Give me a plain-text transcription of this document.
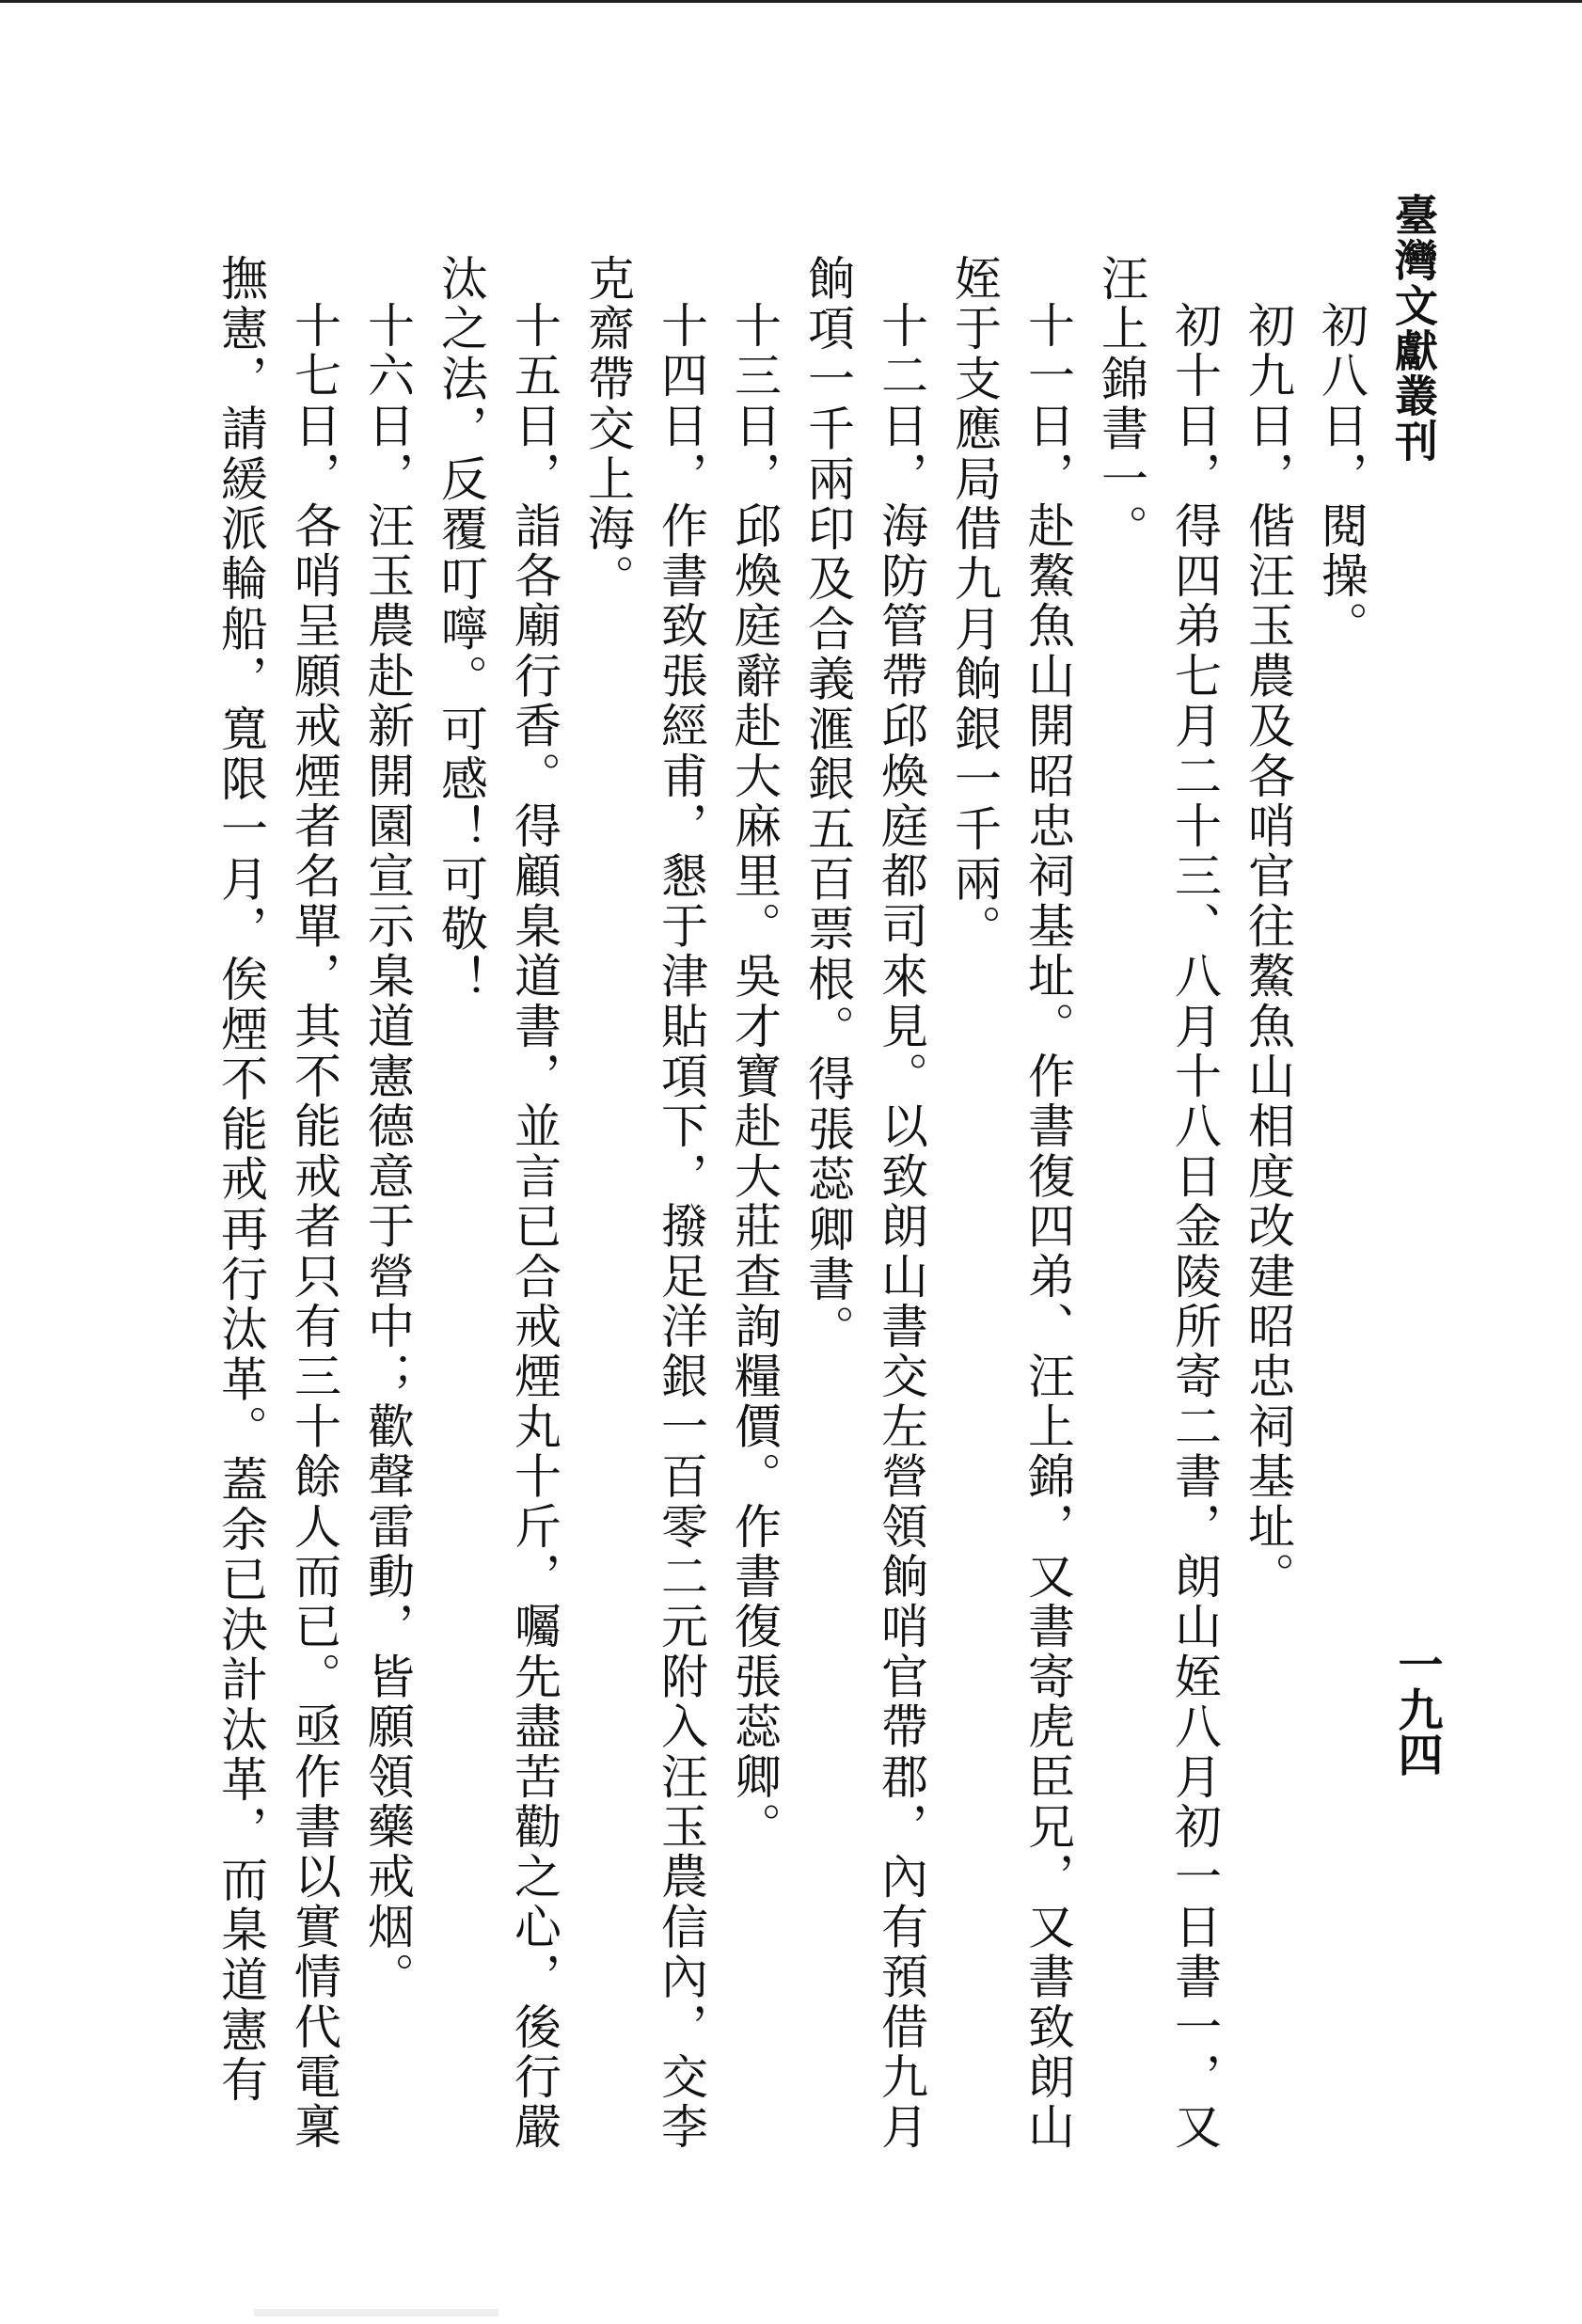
臺灣文獻叢刊
一九四

初八日，閱操。

初九日，偕汪玉農及各哨官往鰲魚山相度改建昭忠祠基址。

初十日，得四弟七月二十三、八月十八日金陵所寄二書，朗山姪八月初一日書一，又汪上錦書一。

十一日，赴鰲魚山開昭忠祠基址。作書復四弟、汪上錦，又書寄虎臣兄，又書致朗山姪于支應局借九月餉銀一千兩。

十二日，海防管帶邱煥庭都司來見。以致朗山書交左營領餉哨官帶郡，內有預借九月餉項一千兩印及合義滙銀五百票根。得張蕊卿書。

十三日，邱煥庭辭赴大麻里。吳才寶赴大莊查詢糧價。作書復張蕊卿。

十四日，作書致張經甫，懇于津貼項下，撥足洋銀一百零二元附入汪玉農信內，交李克齋帶交上海。

十五日，詣各廟行香。得顧臬道書，並言已合戒煙丸十斤，囑先盡苦勸之心，後行嚴汰之法，反覆叮嚀。可感！可敬！

十六日，汪玉農赴新開園宣示臬道憲德意于營中；歡聲雷動，皆願領藥戒烟。

十七日，各哨呈願戒煙者名單，其不能戒者只有三十餘人而已。亟作書以實情代電稟撫憲，請緩派輪船，寬限一月，俟煙不能戒再行汰革。蓋余已決計汰革，而臬道憲有
